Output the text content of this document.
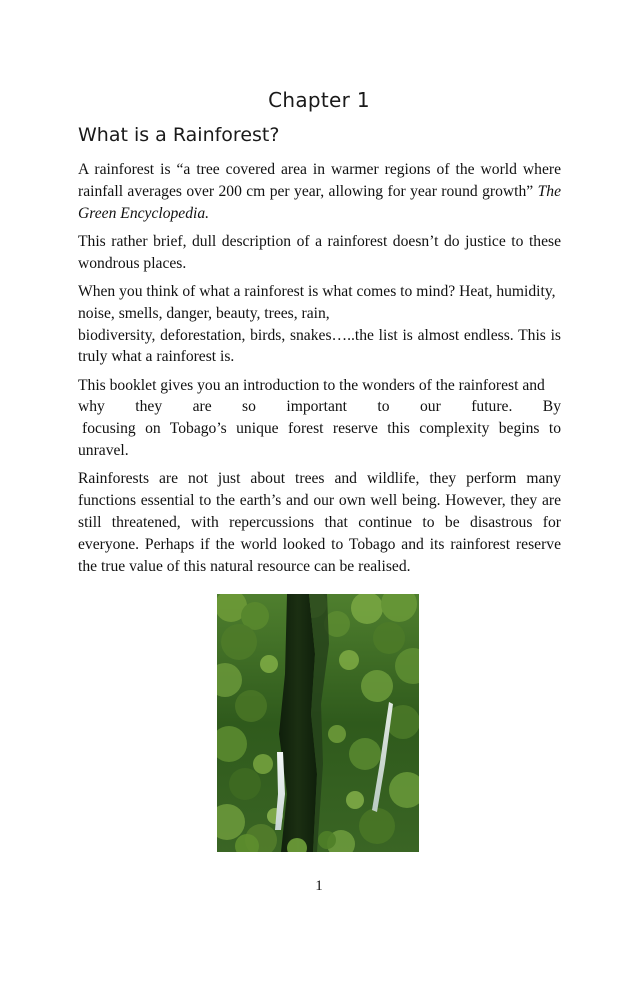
Chapter 1
What is a Rainforest?

A rainforest is “a tree covered area in warmer regions of the world where rainfall averages over 200 cm per year, allowing for year round growth” The Green Encyclopedia.

This rather brief, dull description of a rainforest doesn’t do justice to these wondrous places.

When you think of what a rainforest is what comes to mind? Heat, humidity, noise, smells, danger, beauty, trees, rain,

biodiversity, deforestation, birds, snakes…..the list is almost endless. This is truly what a rainforest is.

This booklet gives you an introduction to the wonders of the rainforest and why they are so important to our future. By

focusing on Tobago’s unique forest reserve this complexity begins to unravel.

Rainforests are not just about trees and wildlife, they perform many functions essential to the earth’s and our own well being. However, they are still threatened, with repercussions that continue to be disastrous for everyone. Perhaps if the world looked to Tobago and its rainforest reserve the true value of this natural resource can be realised.

1
